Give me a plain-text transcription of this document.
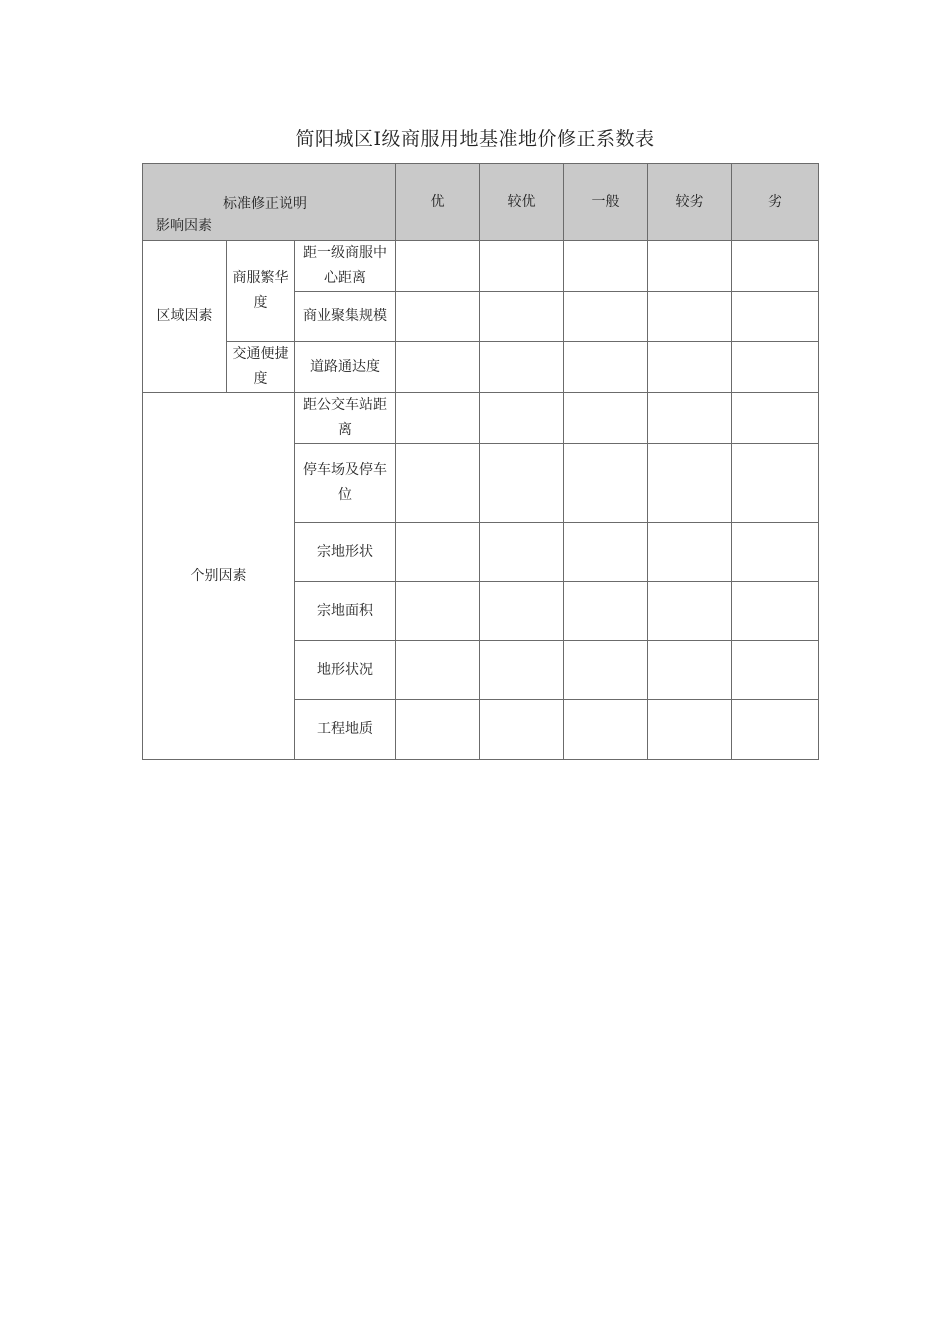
简阳城区Ⅰ级商服用地基准地价修正系数表
标准修正说明
影响因素			优	较优	一般	较劣	劣
区域因素	商服繁华度	距一级商服中心距离					
		商业聚集规模					
	交通便捷度	道路通达度					
个别因素		距公交车站距离					
		停车场及停车位					
		宗地形状					
		宗地面积					
		地形状况					
		工程地质					
